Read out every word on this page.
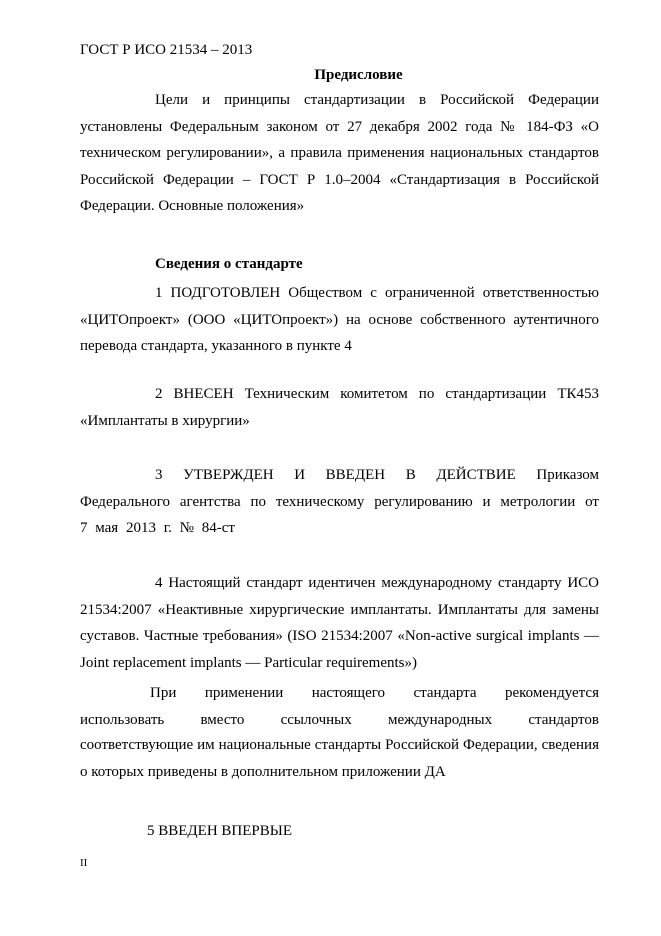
ГОСТ Р ИСО 21534 – 2013
Предисловие

Цели и принципы стандартизации в Российской Федерации установлены Федеральным законом от 27 декабря 2002 года № 184-ФЗ «О техническом регулировании», а правила применения национальных стандартов Российской Федерации – ГОСТ Р 1.0–2004 «Стандартизация в Российской Федерации. Основные положения»

Сведения о стандарте

1 ПОДГОТОВЛЕН Обществом с ограниченной ответственностью «ЦИТОпроект» (ООО «ЦИТОпроект») на основе собственного аутентичного перевода стандарта, указанного в пункте 4

2 ВНЕСЕН Техническим комитетом по стандартизации ТК453 «Имплантаты в хирургии»

3 УТВЕРЖДЕН И ВВЕДЕН В ДЕЙСТВИЕ Приказом Федерального агентства по техническому регулированию и метрологии от 7 мая 2013 г. № 84-ст

4 Настоящий стандарт идентичен международному стандарту ИСО 21534:2007 «Неактивные хирургические имплантаты. Имплантаты для замены суставов. Частные требования» (ISO 21534:2007 «Non-active surgical implants — Joint replacement implants — Particular requirements»)

При применении настоящего стандарта рекомендуется
использовать вместо ссылочных международных стандартов

соответствующие им национальные стандарты Российской Федерации, сведения о которых приведены в дополнительном приложении ДА

5 ВВЕДЕН ВПЕРВЫЕ
II
